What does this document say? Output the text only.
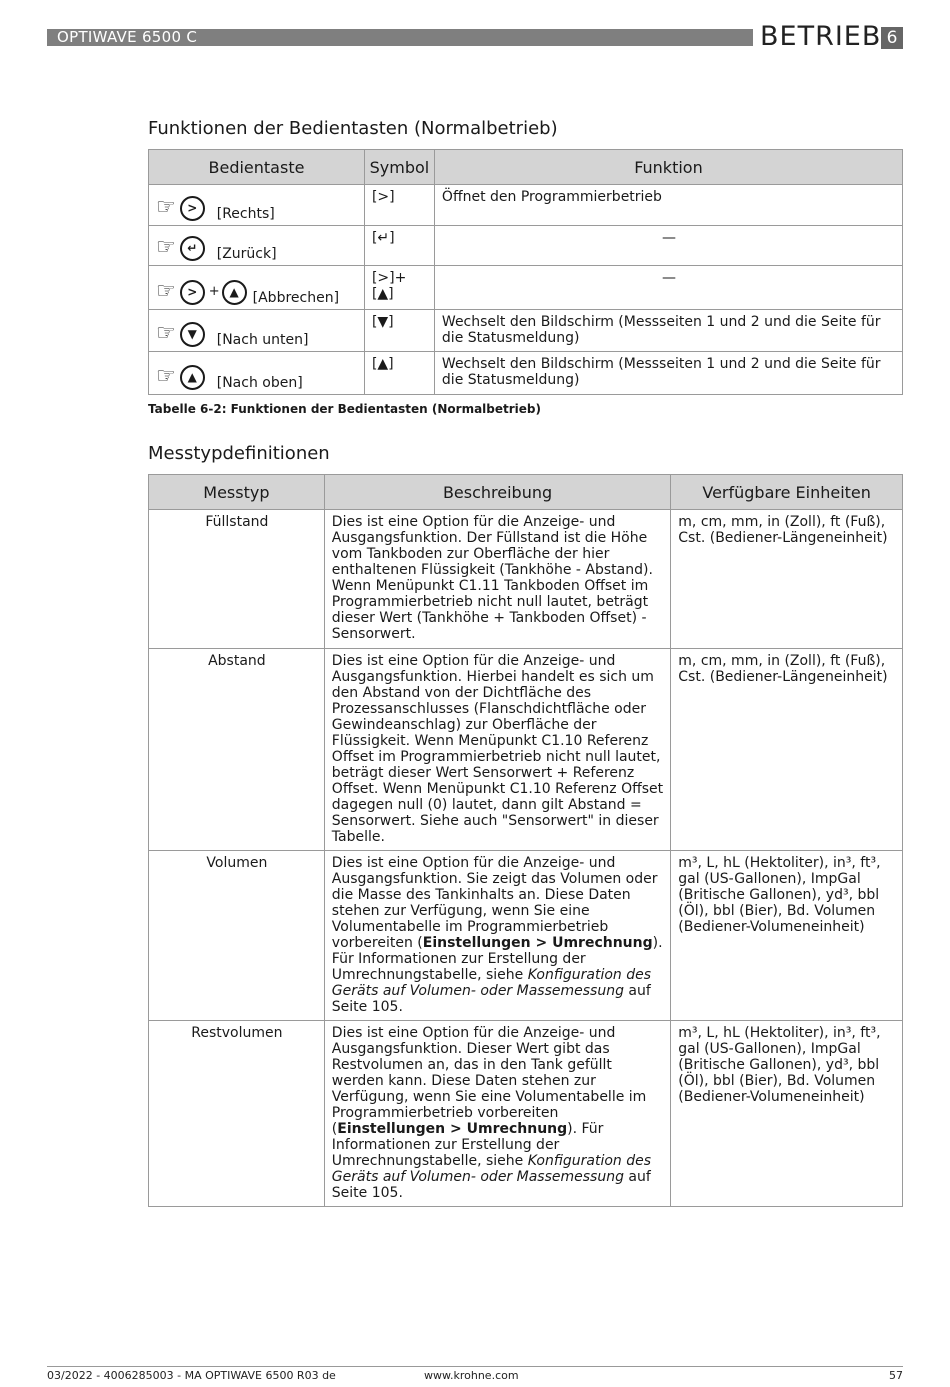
OPTIWAVE 6500 C	BETRIEB 6
Funktionen der Bedientasten (Normalbetrieb)
Bedientaste	Symbol	Funktion

☞ > [Rechts]	[>]	Öffnet den Programmierbetrieb

☞ ↵ [Zurück]	[↵]	—

☞ > + ▲ [Abbrechen]	[>]+[▲]	—

☞ ▼ [Nach unten]	[▼]	Wechselt den Bildschirm (Messseiten 1 und 2 und die Seite für die Statusmeldung)

☞ ▲ [Nach oben]	[▲]	Wechselt den Bildschirm (Messseiten 1 und 2 und die Seite für die Statusmeldung)
Tabelle 6-2: Funktionen der Bedientasten (Normalbetrieb)
Messtypdefinitionen
Messtyp	Beschreibung	Verfügbare Einheiten
Füllstand	Dies ist eine Option für die Anzeige- und Ausgangsfunktion. Der Füllstand ist die Höhe vom Tankboden zur Oberfläche der hier enthaltenen Flüssigkeit (Tankhöhe - Abstand). Wenn Menüpunkt C1.11 Tankboden Offset im Programmierbetrieb nicht null lautet, beträgt dieser Wert (Tankhöhe + Tankboden Offset) - Sensorwert.	m, cm, mm, in (Zoll), ft (Fuß), Cst. (Bediener-Längeneinheit)
Abstand	Dies ist eine Option für die Anzeige- und Ausgangsfunktion. Hierbei handelt es sich um den Abstand von der Dichtfläche des Prozessanschlusses (Flanschdichtfläche oder Gewindeanschlag) zur Oberfläche der Flüssigkeit. Wenn Menüpunkt C1.10 Referenz Offset im Programmierbetrieb nicht null lautet, beträgt dieser Wert Sensorwert + Referenz Offset. Wenn Menüpunkt C1.10 Referenz Offset dagegen null (0) lautet, dann gilt Abstand = Sensorwert. Siehe auch "Sensorwert" in dieser Tabelle.	m, cm, mm, in (Zoll), ft (Fuß), Cst. (Bediener-Längeneinheit)
Volumen	Dies ist eine Option für die Anzeige- und Ausgangsfunktion. Sie zeigt das Volumen oder die Masse des Tankinhalts an. Diese Daten stehen zur Verfügung, wenn Sie eine Volumentabelle im Programmierbetrieb vorbereiten (Einstellungen > Umrechnung). Für Informationen zur Erstellung der Umrechnungstabelle, siehe Konfiguration des Geräts auf Volumen- oder Massemessung auf Seite 105.	m³, L, hL (Hektoliter), in³, ft³, gal (US-Gallonen), ImpGal (Britische Gallonen), yd³, bbl (Öl), bbl (Bier), Bd. Volumen (Bediener-Volumeneinheit)
Restvolumen	Dies ist eine Option für die Anzeige- und Ausgangsfunktion. Dieser Wert gibt das Restvolumen an, das in den Tank gefüllt werden kann. Diese Daten stehen zur Verfügung, wenn Sie eine Volumentabelle im Programmierbetrieb vorbereiten (Einstellungen > Umrechnung). Für Informationen zur Erstellung der Umrechnungstabelle, siehe Konfiguration des Geräts auf Volumen- oder Massemessung auf Seite 105.	m³, L, hL (Hektoliter), in³, ft³, gal (US-Gallonen), ImpGal (Britische Gallonen), yd³, bbl (Öl), bbl (Bier), Bd. Volumen (Bediener-Volumeneinheit)
03/2022 - 4006285003 - MA OPTIWAVE 6500 R03 de	www.krohne.com	57
